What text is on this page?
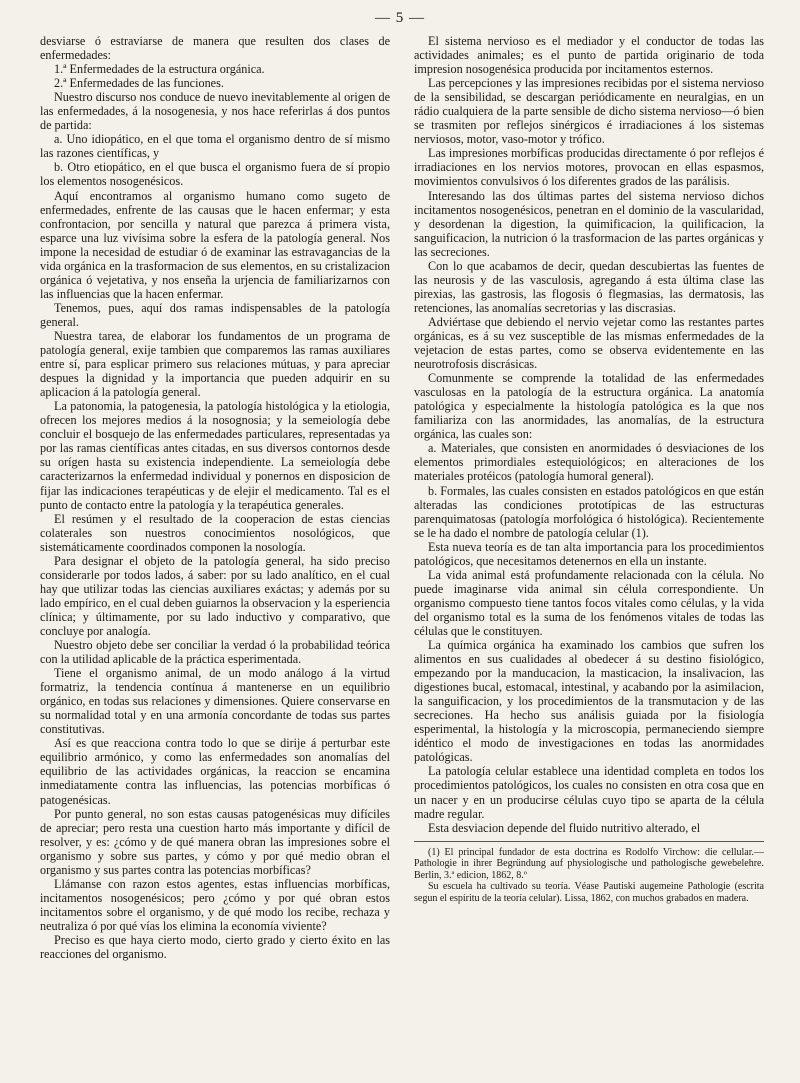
— 5 —

desviarse ó estraviarse de manera que resulten dos clases de enfermedades:

1.ª Enfermedades de la estructura orgánica.

2.ª Enfermedades de las funciones.

Nuestro discurso nos conduce de nuevo inevitablemente al origen de las enfermedades, á la nosogenesia, y nos hace referirlas á dos puntos de partida:

a. Uno idiopático, en el que toma el organismo dentro de sí mismo las razones científicas, y

b. Otro etiopático, en el que busca el organismo fuera de sí propio los elementos nosogenésicos.

Aquí encontramos al organismo humano como sugeto de enfermedades, enfrente de las causas que le hacen enfermar; y esta confrontacion, por sencilla y natural que parezca á primera vista, esparce una luz vivísima sobre la esfera de la patología general. Nos impone la necesidad de estudiar ó de examinar las estravagancias de la vida orgánica en la trasformacion de sus elementos, en su cristalizacion orgánica ó vejetativa, y nos enseña la urjencia de familiarizarnos con las influencias que la hacen enfermar.

Tenemos, pues, aquí dos ramas indispensables de la patología general.

Nuestra tarea, de elaborar los fundamentos de un programa de patología general, exije tambien que comparemos las ramas auxiliares entre sí, para esplicar primero sus relaciones mútuas, y para apreciar despues la dignidad y la importancia que pueden adquirir en su aplicacion á la patología general.

La patonomia, la patogenesia, la patología histológica y la etiologia, ofrecen los mejores medios á la nosognosia; y la semeiología debe concluir el bosquejo de las enfermedades particulares, representadas ya por las ramas científicas antes citadas, en sus diversos contornos desde su orígen hasta su existencia independiente. La semeiología debe caracterizarnos la enfermedad individual y ponernos en disposicion de fijar las indicaciones terapéuticas y de elejir el medicamento. Tal es el punto de contacto entre la patología y la terapéutica generales.

El resúmen y el resultado de la cooperacion de estas ciencias colaterales son nuestros conocimientos nosológicos, que sistemáticamente coordinados componen la nosología.

Para designar el objeto de la patología general, ha sido preciso considerarle por todos lados, á saber: por su lado analítico, en el cual hay que utilizar todas las ciencias auxiliares exáctas; y además por su lado empírico, en el cual deben guiarnos la observacion y la esperiencia clínica; y últimamente, por su lado inductivo y comparativo, que concluye por analogía.

Nuestro objeto debe ser conciliar la verdad ó la probabilidad teórica con la utilidad aplicable de la práctica esperimentada.

Tiene el organismo animal, de un modo análogo á la virtud formatriz, la tendencia contínua á mantenerse en un equilibrio orgánico, en todas sus relaciones y dimensiones. Quiere conservarse en su normalidad total y en una armonía concordante de todas sus partes constitutivas.

Así es que reacciona contra todo lo que se dirije á perturbar este equilibrio armónico, y como las enfermedades son anomalías del equilibrio de las actividades orgánicas, la reaccion se encamina inmediatamente contra las influencias, las potencias morbíficas ó patogenésicas.

Por punto general, no son estas causas patogenésicas muy difíciles de apreciar; pero resta una cuestion harto más importante y difícil de resolver, y es: ¿cómo y de qué manera obran las impresiones sobre el organismo y sobre sus partes, y cómo y por qué medio obran el organismo y sus partes contra las potencias morbíficas?

Llámanse con razon estos agentes, estas influencias morbíficas, incitamentos nosogenésicos; pero ¿cómo y por qué obran estos incitamentos sobre el organismo, y de qué modo los recibe, rechaza y neutraliza ó por qué vías los elimina la economía viviente?

Preciso es que haya cierto modo, cierto grado y cierto éxito en las reacciones del organismo.

El sistema nervioso es el mediador y el conductor de todas las actividades animales; es el punto de partida originario de toda impresion nosogenésica producida por incitamentos esternos.

Las percepciones y las impresiones recibidas por el sistema nervioso de la sensibilidad, se descargan periódicamente en neuralgias, en un rádio cualquiera de la parte sensible de dicho sistema nervioso—ó bien se trasmiten por reflejos sinérgicos é irradiaciones á los sistemas nerviosos, motor, vaso-motor y trófico.

Las impresiones morbíficas producidas directamente ó por reflejos é irradiaciones en los nervios motores, provocan en ellas espasmos, movimientos convulsivos ó los diferentes grados de las parálisis.

Interesando las dos últimas partes del sistema nervioso dichos incitamentos nosogenésicos, penetran en el dominio de la vascularidad, y desordenan la digestion, la quimificacion, la quilificacion, la sanguificacion, la nutricion ó la trasformacion de las partes orgánicas y las secreciones.

Con lo que acabamos de decir, quedan descubiertas las fuentes de las neurosis y de las vasculosis, agregando á esta última clase las pirexias, las gastrosis, las flogosis ó flegmasias, las dermatosis, las retenciones, las anomalías secretorias y las discrasias.

Adviértase que debiendo el nervio vejetar como las restantes partes orgánicas, es á su vez susceptible de las mismas enfermedades de la vejetacion de estas partes, como se observa evidentemente en las neurotrofosis discrásicas.

Comunmente se comprende la totalidad de las enfermedades vasculosas en la patología de la estructura orgánica. La anatomía patológica y especialmente la histología patológica es la que nos familiariza con las anormidades, las anomalías, de la estructura orgánica, las cuales son:

a. Materiales, que consisten en anormidades ó desviaciones de los elementos primordiales estequiológicos; en alteraciones de los materiales protéicos (patología humoral general).

b. Formales, las cuales consisten en estados patológicos en que están alteradas las condiciones prototípicas de las estructuras parenquimatosas (patología morfológica ó histológica). Recientemente se le ha dado el nombre de patología celular (1).

Esta nueva teoría es de tan alta importancia para los procedimientos patológicos, que necesitamos detenernos en ella un instante.

La vida animal está profundamente relacionada con la célula. No puede imaginarse vida animal sin célula correspondiente. Un organismo compuesto tiene tantos focos vitales como células, y la vida del organismo total es la suma de los fenómenos vitales de todas las células que le constituyen.

La química orgánica ha examinado los cambios que sufren los alimentos en sus cualidades al obedecer á su destino fisiológico, empezando por la manducacion, la masticacion, la insalivacion, las digestiones bucal, estomacal, intestinal, y acabando por la asimilacion, la sanguificacion, y los procedimientos de la transmutacion y de las secreciones. Ha hecho sus análisis guiada por la fisiología esperimental, la histología y la microscopia, permaneciendo siempre idéntico el modo de investigaciones en todas las anormidades patológicas.

La patología celular establece una identidad completa en todos los procedimientos patológicos, los cuales no consisten en otra cosa que en un nacer y en un producirse células cuyo tipo se aparta de la célula madre regular.

Esta desviacion depende del fluido nutritivo alterado, el

(1) El principal fundador de esta doctrina es Rodolfo Virchow: die cellular.—Pathologie in ihrer Begründung auf physiologische und pathologische gewebelehre. Berlin, 3.ª edicion, 1862, 8.º

Su escuela ha cultivado su teoría. Véase Pautiski augemeine Pathologie (escrita segun el espíritu de la teoría celular). Lissa, 1862, con muchos grabados en madera.
